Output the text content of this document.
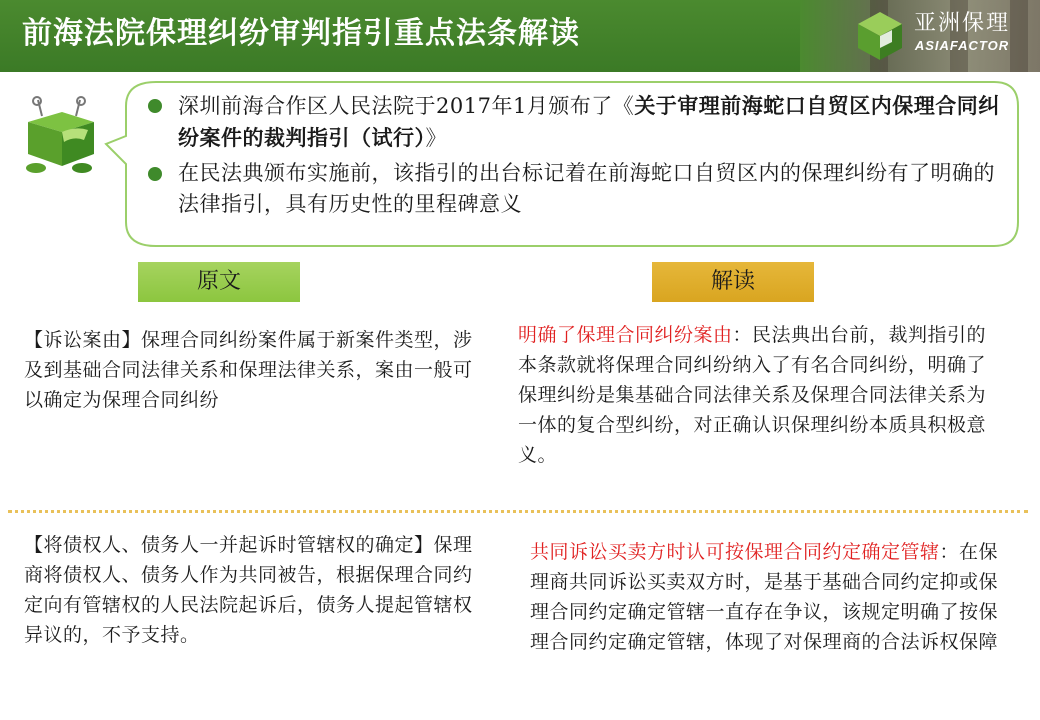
前海法院保理纠纷审判指引重点法条解读	亚洲保理
ASIAFACTOR
深圳前海合作区人民法院于2017年1月颁布了《关于审理前海蛇口自贸区内保理合同纠纷案件的裁判指引（试行）》
在民法典颁布实施前，该指引的出台标记着在前海蛇口自贸区内的保理纠纷有了明确的法律指引，具有历史性的里程碑意义
原文	解读
【诉讼案由】保理合同纠纷案件属于新案件类型，涉及到基础合同法律关系和保理法律关系，案由一般可以确定为保理合同纠纷
明确了保理合同纠纷案由：民法典出台前，裁判指引的本条款就将保理合同纠纷纳入了有名合同纠纷，明确了保理纠纷是集基础合同法律关系及保理合同法律关系为一体的复合型纠纷，对正确认识保理纠纷本质具积极意义。
【将债权人、债务人一并起诉时管辖权的确定】保理商将债权人、债务人作为共同被告，根据保理合同约定向有管辖权的人民法院起诉后，债务人提起管辖权异议的，不予支持。
共同诉讼买卖方时认可按保理合同约定确定管辖：在保理商共同诉讼买卖双方时，是基于基础合同约定抑或保理合同约定确定管辖一直存在争议，该规定明确了按保理合同约定确定管辖，体现了对保理商的合法诉权保障
